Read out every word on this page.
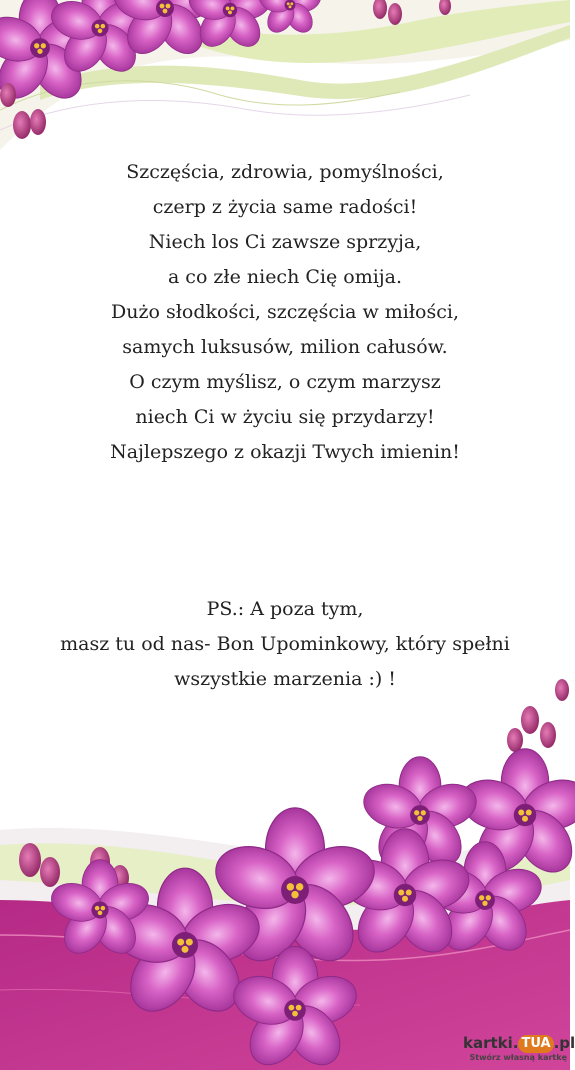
Szczęścia, zdrowia, pomyślności,
czerp z życia same radości!
Niech los Ci zawsze sprzyja,
a co złe niech Cię omija.
Dużo słodkości, szczęścia w miłości,
samych luksusów, milion całusów.
O czym myślisz, o czym marzysz
niech Ci w życiu się przydarzy!
Najlepszego z okazji Twych imienin!
PS.: A poza tym,
masz tu od nas- Bon Upominkowy, który spełni
wszystkie marzenia :) !
kartki. TUA .pl
Stwórz własną kartkę
